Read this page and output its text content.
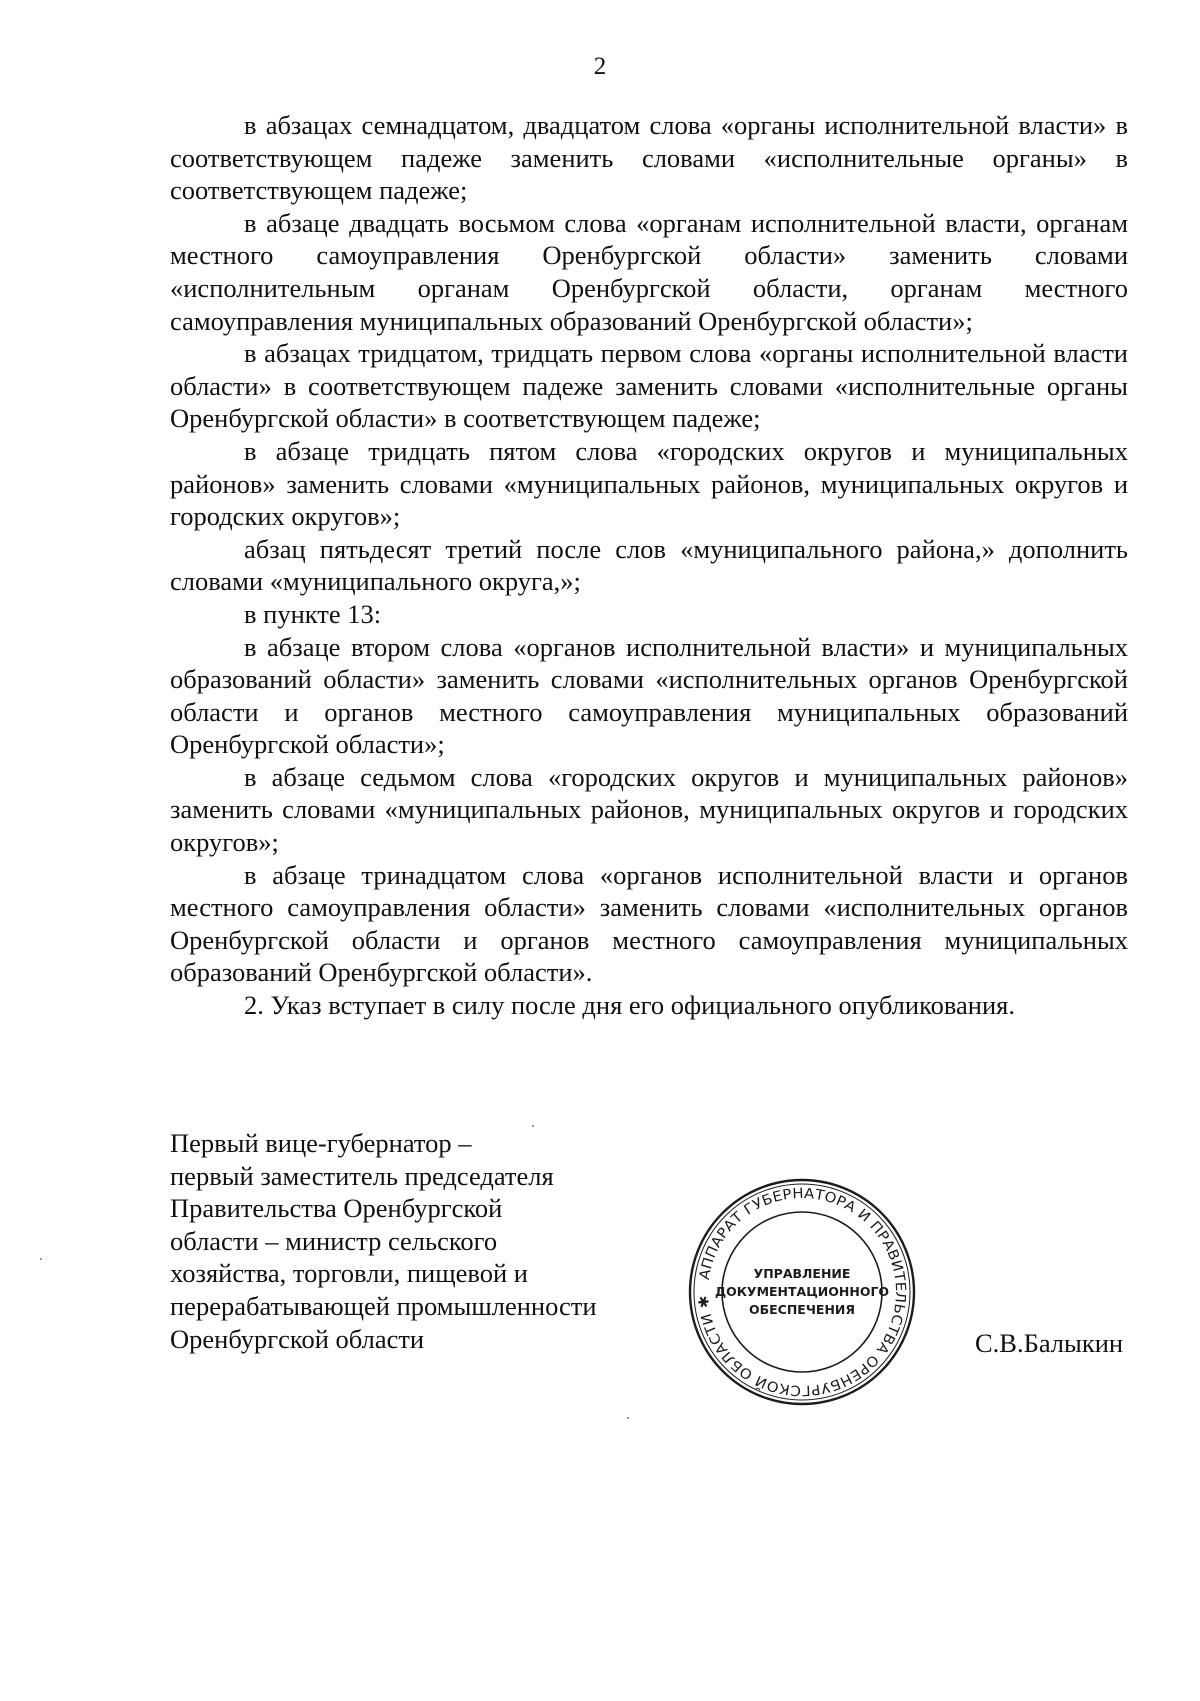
2

в абзацах семнадцатом, двадцатом слова «органы исполнительной власти» в соответствующем падеже заменить словами «исполнительные органы» в соответствующем падеже;

в абзаце двадцать восьмом слова «органам исполнительной власти, органам местного самоуправления Оренбургской области» заменить словами «исполнительным органам Оренбургской области, органам местного самоуправления муниципальных образований Оренбургской области»;

в абзацах тридцатом, тридцать первом слова «органы исполнительной власти области» в соответствующем падеже заменить словами «исполнительные органы Оренбургской области» в соответствующем падеже;

в абзаце тридцать пятом слова «городских округов и муниципальных районов» заменить словами «муниципальных районов, муниципальных округов и городских округов»;

абзац пятьдесят третий после слов «муниципального района,» дополнить словами «муниципального округа,»;

в пункте 13:

в абзаце втором слова «органов исполнительной власти» и муниципальных образований области» заменить словами «исполнительных органов Оренбургской области и органов местного самоуправления муниципальных образований Оренбургской области»;

в абзаце седьмом слова «городских округов и муниципальных районов» заменить словами «муниципальных районов, муниципальных округов и городских округов»;

в абзаце тринадцатом слова «органов исполнительной власти и органов местного самоуправления области» заменить словами «исполнительных органов Оренбургской области и органов местного самоуправления муниципальных образований Оренбургской области».

2. Указ вступает в силу после дня его официального опубликования.

Первый вице-губернатор –
первый заместитель председателя
Правительства Оренбургской
области – министр сельского
хозяйства, торговли, пищевой и
перерабатывающей промышленности
Оренбургской области
АППАРАТ ГУБЕРНАТОРА И ПРАВИТЕЛЬСТВА ОРЕНБУРГСКОЙ ОБЛАСТИ ✱
УПРАВЛЕНИЕ
ДОКУМЕНТАЦИОННОГО
ОБЕСПЕЧЕНИЯ
С.В.Балыкин
